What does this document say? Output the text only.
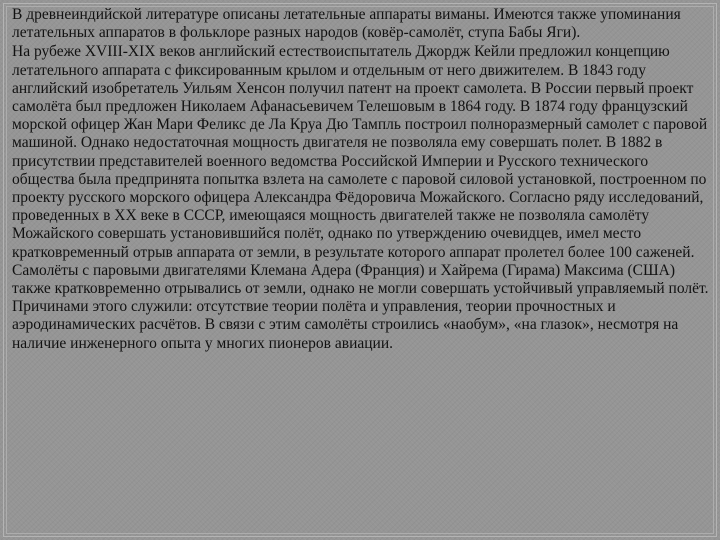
В древнеиндийской литературе описаны летательные аппараты виманы. Имеются также упоминания летательных аппаратов в фольклоре разных народов (ковёр-самолёт, ступа Бабы Яги).

На рубеже XVIII-XIX веков английский естествоиспытатель Джордж Кейли предложил концепцию летательного аппарата с фиксированным крылом и отдельным от него движителем. В 1843 году английский изобретатель Уильям Хенсон получил патент на проект самолета. В России первый проект самолёта был предложен Николаем Афанасьевичем Телешовым в 1864 году. В 1874 году французский морской офицер Жан Мари Феликс де Ла Круа Дю Тампль построил полноразмерный самолет с паровой машиной. Однако недостаточная мощность двигателя не позволяла ему совершать полет. В 1882 в присутствии представителей военного ведомства Российской Империи и Русского технического общества была предпринята попытка взлета на самолете с паровой силовой установкой, построенном по проекту русского морского офицера Александра Фёдоровича Можайского. Согласно ряду исследований, проведенных в XX веке в СССР, имеющаяся мощность двигателей также не позволяла самолёту Можайского совершать установившийся полёт, однако по утверждению очевидцев, имел место кратковременный отрыв аппарата от земли, в результате которого аппарат пролетел более 100 саженей. Самолёты с паровыми двигателями Клемана Адера (Франция) и Хайрема (Гирама) Максима (США) также кратковременно отрывались от земли, однако не могли совершать устойчивый управляемый полёт. Причинами этого служили: отсутствие теории полёта и управления, теории прочностных и аэродинамических расчётов. В связи с этим самолёты строились «наобум», «на глазок», несмотря на наличие инженерного опыта у многих пионеров авиации.
